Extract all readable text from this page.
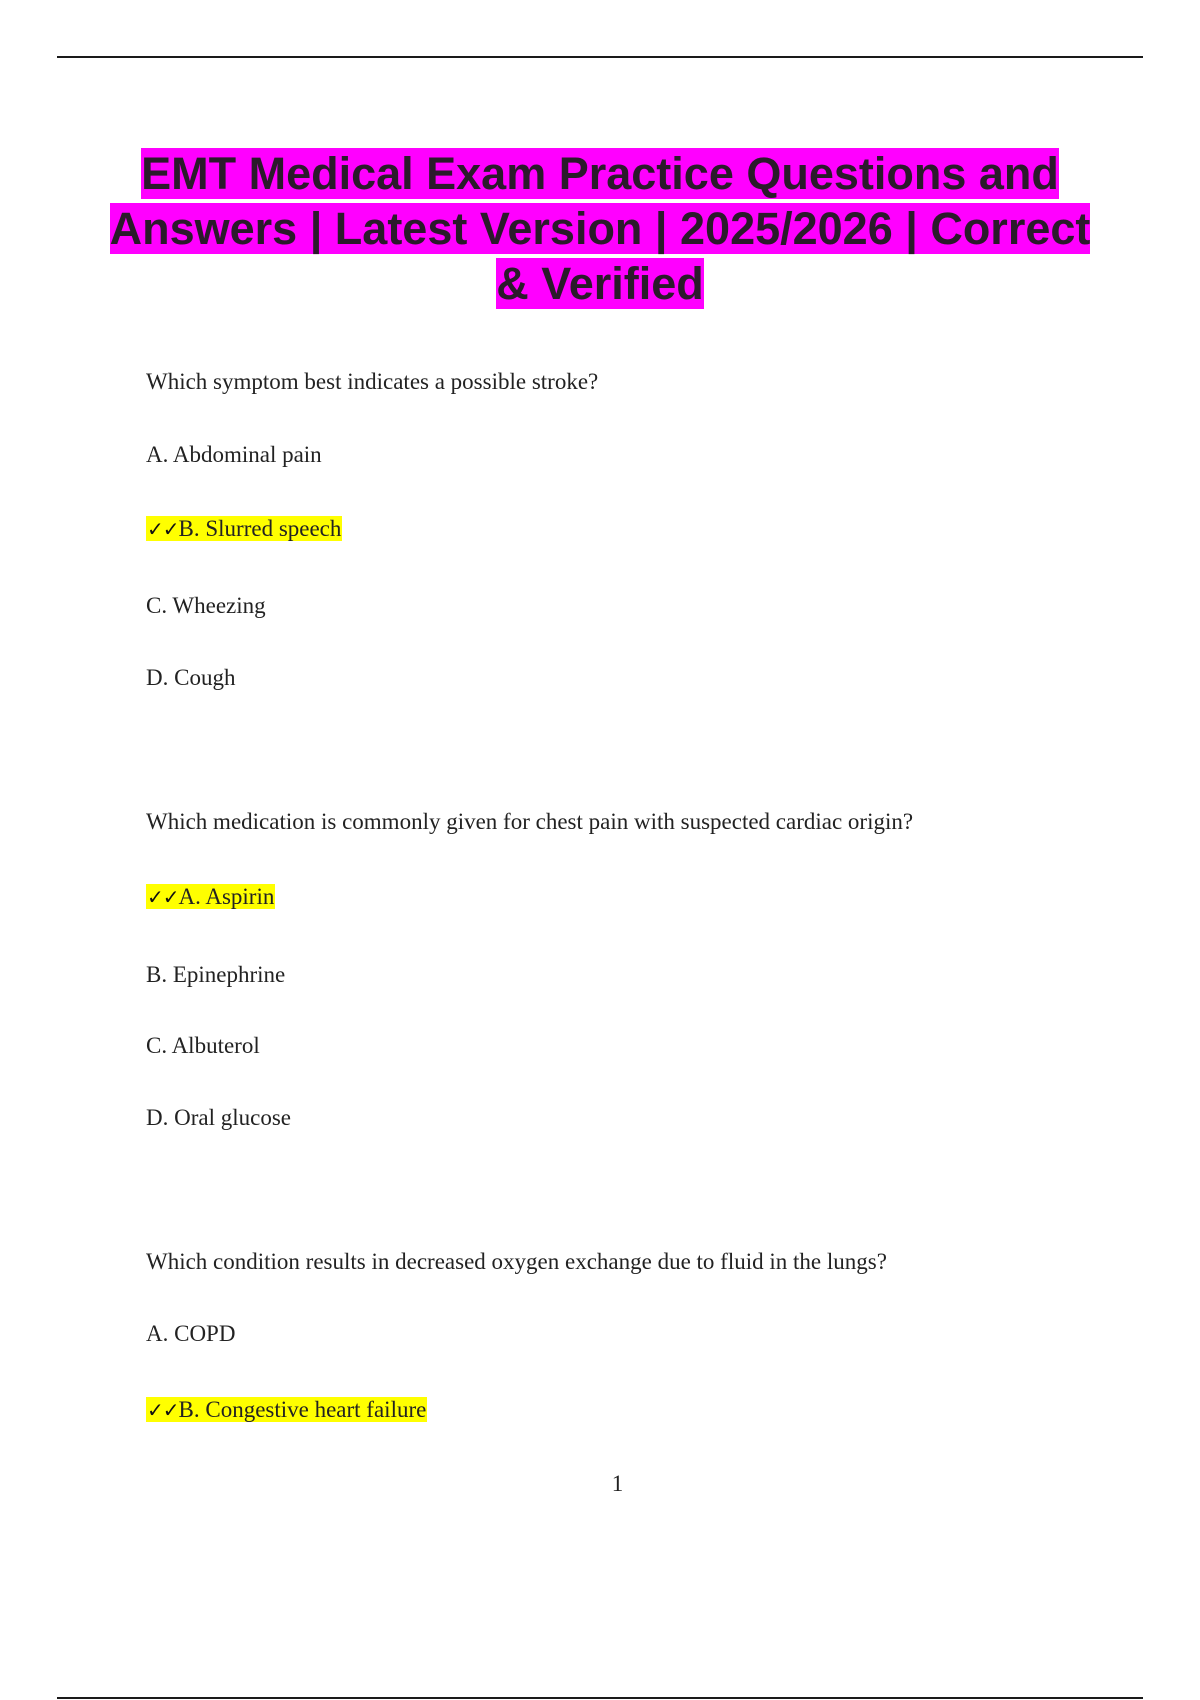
EMT Medical Exam Practice Questions and Answers | Latest Version | 2025/2026 | Correct & Verified
Which symptom best indicates a possible stroke?
A. Abdominal pain
✓✓B. Slurred speech
C. Wheezing
D. Cough
Which medication is commonly given for chest pain with suspected cardiac origin?
✓✓A. Aspirin
B. Epinephrine
C. Albuterol
D. Oral glucose
Which condition results in decreased oxygen exchange due to fluid in the lungs?
A. COPD
✓✓B. Congestive heart failure
1
